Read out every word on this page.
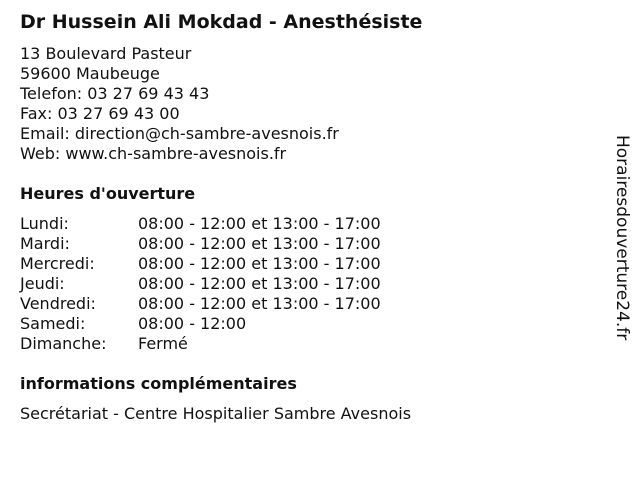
Dr Hussein Ali Mokdad - Anesthésiste
13 Boulevard Pasteur
59600 Maubeuge
Telefon: 03 27 69 43 43
Fax: 03 27 69 43 00
Email: direction@ch-sambre-avesnois.fr
Web: www.ch-sambre-avesnois.fr
Heures d'ouverture
Lundi:	08:00 - 12:00 et 13:00 - 17:00
Mardi:	08:00 - 12:00 et 13:00 - 17:00
Mercredi:	08:00 - 12:00 et 13:00 - 17:00
Jeudi:	08:00 - 12:00 et 13:00 - 17:00
Vendredi:	08:00 - 12:00 et 13:00 - 17:00
Samedi:	08:00 - 12:00
Dimanche: Fermé
informations complémentaires
Secrétariat - Centre Hospitalier Sambre Avesnois
Horairesdouverture24.fr
